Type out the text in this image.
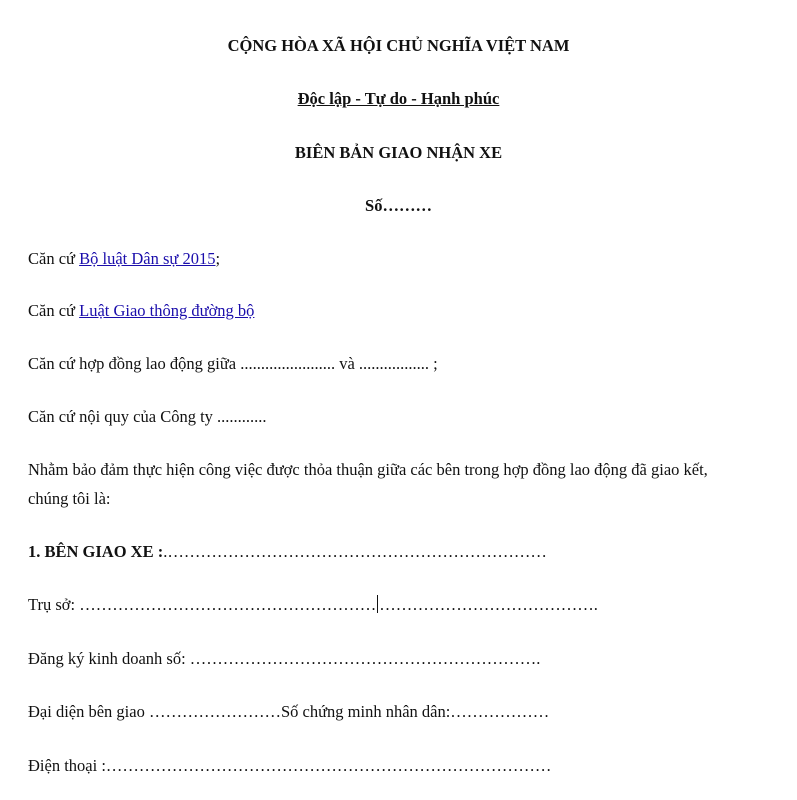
CỘNG HÒA XÃ HỘI CHỦ NGHĨA VIỆT NAM
Độc lập - Tự do - Hạnh phúc
BIÊN BẢN GIAO NHẬN XE
Số………
Căn cứ Bộ luật Dân sự 2015;
Căn cứ Luật Giao thông đường bộ
Căn cứ hợp đồng lao động giữa ....................... và ................. ;
Căn cứ nội quy của Công ty ............
Nhằm bảo đảm thực hiện công việc được thỏa thuận giữa các bên trong hợp đồng lao động đã giao kết,
chúng tôi là:
1. BÊN GIAO XE :.……………………………………………………………
Trụ sở: ……………………………………………… ………………………………….
Đăng ký kinh doanh số: ……………………………………………………….
Đại diện bên giao ……………………Số chứng minh nhân dân:………………
Điện thoại :………………………………………………………………………
